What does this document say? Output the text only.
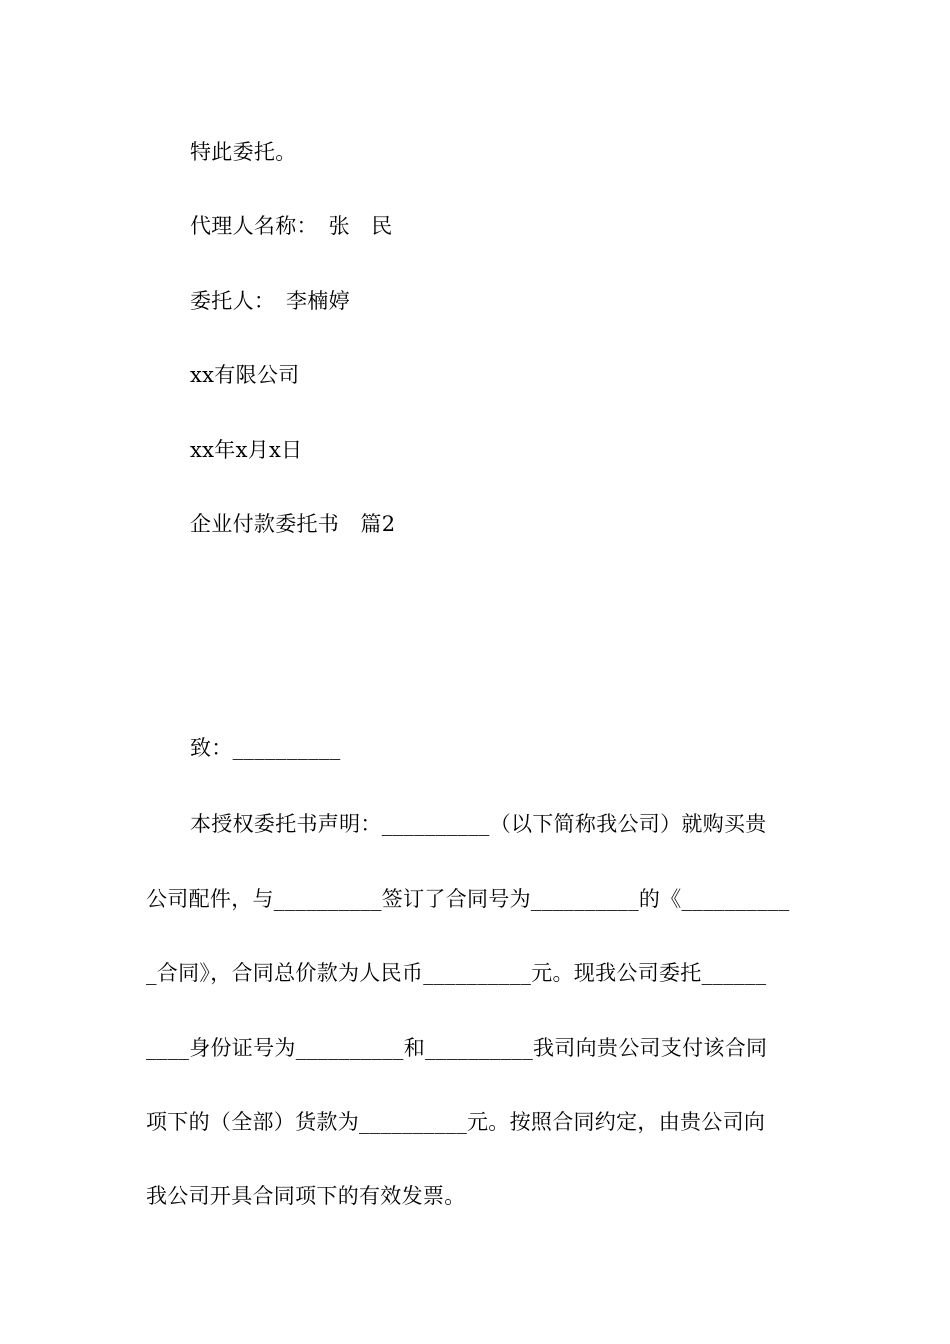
特此委托。
代理人名称：　张　民
委托人：　李楠婷
xx有限公司
xx年x月x日
企业付款委托书　篇2
致：__________
本授权委托书声明：__________（以下简称我公司）就购买贵
公司配件，与__________签订了合同号为__________的《__________
_合同》，合同总价款为人民币__________元。现我公司委托______
____身份证号为__________和__________我司向贵公司支付该合同
项下的（全部）货款为__________元。按照合同约定，由贵公司向
我公司开具合同项下的有效发票。
